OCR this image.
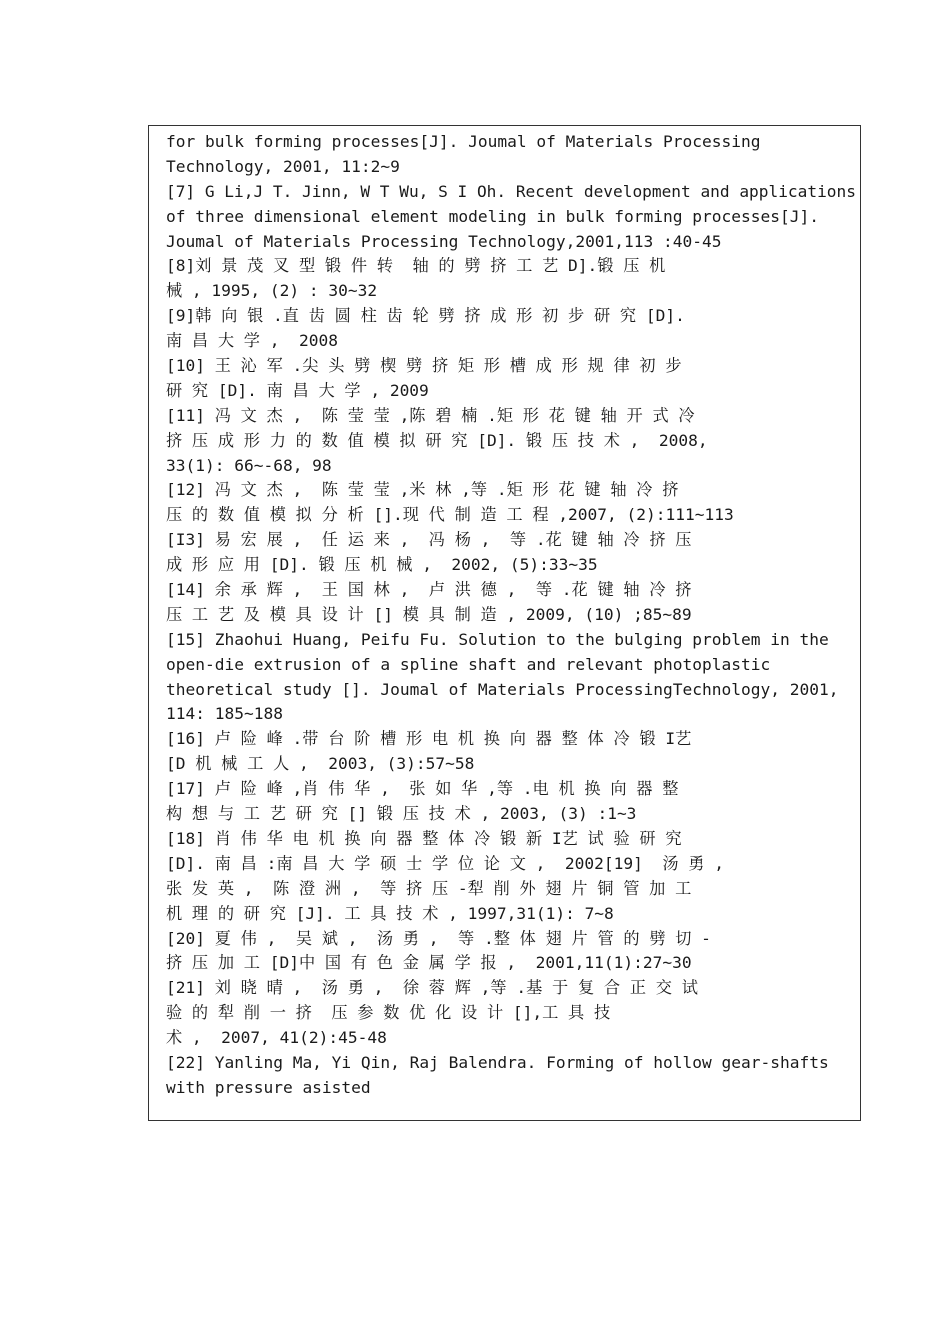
for bulk forming processes[J]. Joumal of Materials Processing
Technology, 2001, 11:2~9
[7] G Li,J T. Jinn, W T Wu, S I Oh. Recent development and applications
of three dimensional element modeling in bulk forming processes[J].
Joumal of Materials Processing Technology,2001,113 :40-45
[8]刘 景 茂 叉 型 锻 件 转  轴 的 劈 挤 工 艺 D].锻 压 机
械 , 1995, (2) : 30~32
[9]韩 向 银 .直 齿 圆 柱 齿 轮 劈 挤 成 形 初 步 研 究 [D].
南 昌 大 学 ,  2008
[10] 王 沁 军 .尖 头 劈 楔 劈 挤 矩 形 槽 成 形 规 律 初 步
研 究 [D]. 南 昌 大 学 , 2009
[11] 冯 文 杰 ,  陈 莹 莹 ,陈 碧 楠 .矩 形 花 键 轴 开 式 冷
挤 压 成 形 力 的 数 值 模 拟 研 究 [D]. 锻 压 技 术 ,  2008,
33(1): 66~-68, 98
[12] 冯 文 杰 ,  陈 莹 莹 ,米 林 ,等 .矩 形 花 键 轴 冷 挤
压 的 数 值 模 拟 分 析 [].现 代 制 造 工 程 ,2007, (2):111~113
[I3] 易 宏 展 ,  任 运 来 ,  冯 杨 ,  等 .花 键 轴 冷 挤 压
成 形 应 用 [D]. 锻 压 机 械 ,  2002, (5):33~35
[14] 余 承 辉 ,  王 国 林 ,  卢 洪 德 ,  等 .花 键 轴 冷 挤
压 工 艺 及 模 具 设 计 [] 模 具 制 造 , 2009, (10) ;85~89
[15] Zhaohui Huang, Peifu Fu. Solution to the bulging problem in the
open-die extrusion of a spline shaft and relevant photoplastic
theoretical study []. Joumal of Materials ProcessingTechnology, 2001,
114: 185~188
[16] 卢 险 峰 .带 台 阶 槽 形 电 机 换 向 器 整 体 冷 锻 I艺
[D 机 械 工 人 ,  2003, (3):57~58
[17] 卢 险 峰 ,肖 伟 华 ,  张 如 华 ,等 .电 机 换 向 器 整
构 想 与 工 艺 研 究 [] 锻 压 技 术 , 2003, (3) :1~3
[18] 肖 伟 华 电 机 换 向 器 整 体 冷 锻 新 I艺 试 验 研 究
[D]. 南 昌 :南 昌 大 学 硕 士 学 位 论 文 ,  2002[19]  汤 勇 ,
张 发 英 ,  陈 澄 洲 ,  等 挤 压 -犁 削 外 翅 片 铜 管 加 工
机 理 的 研 究 [J]. 工 具 技 术 , 1997,31(1): 7~8
[20] 夏 伟 ,  吴 斌 ,  汤 勇 ,  等 .整 体 翅 片 管 的 劈 切 -
挤 压 加 工 [D]中 国 有 色 金 属 学 报 ,  2001,11(1):27~30
[21] 刘 晓 晴 ,  汤 勇 ,  徐 蓉 辉 ,等 .基 于 复 合 正 交 试
验 的 犁 削 一 挤  压 参 数 优 化 设 计 [],工 具 技
术 ,  2007, 41(2):45-48
[22] Yanling Ma, Yi Qin, Raj Balendra. Forming of hollow gear-shafts
with pressure asisted
